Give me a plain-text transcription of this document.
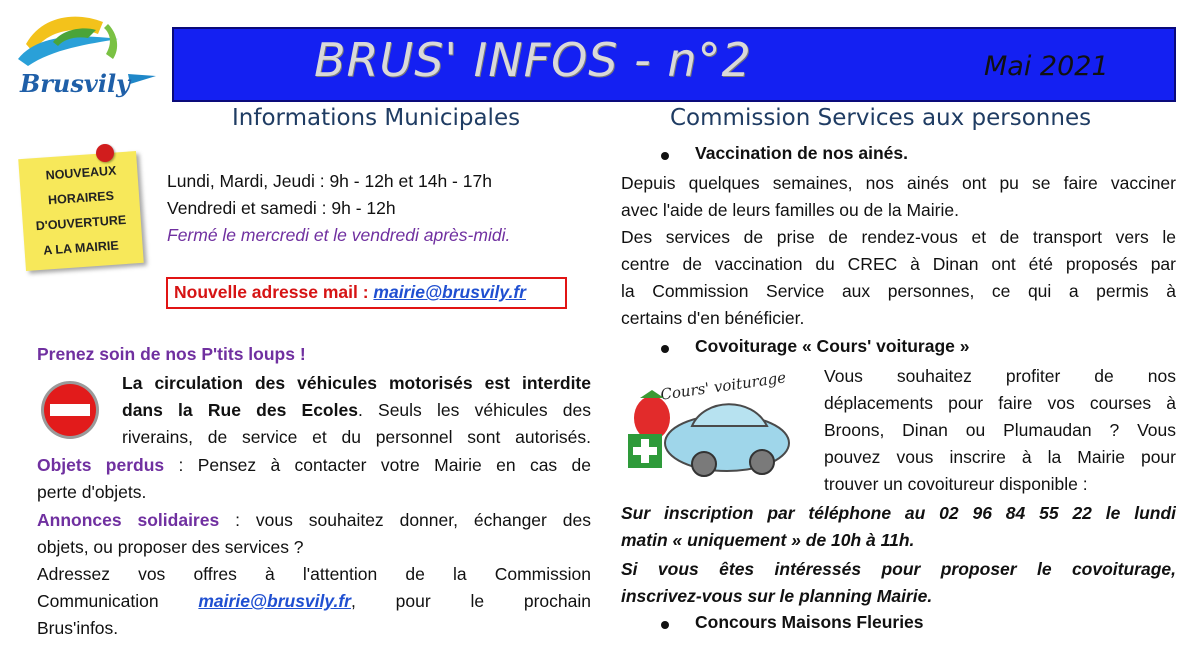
Brusvily	BRUS' INFOS - n°2	Mai 2021
Informations Municipales
NOUVEAUX
HORAIRES
D'OUVERTURE
A LA MAIRIE
Lundi, Mardi, Jeudi : 9h - 12h et 14h - 17h
Vendredi et samedi : 9h - 12h
Fermé le mercredi et le vendredi après-midi.
Nouvelle adresse mail : mairie@brusvily.fr
Prenez soin de nos P'tits loups !
La circulation des véhicules motorisés est interdite
dans la Rue des Ecoles. Seuls les véhicules des
riverains, de service et du personnel sont autorisés.
Objets perdus : Pensez à contacter votre Mairie en cas de
perte d'objets.
Annonces solidaires : vous souhaitez donner, échanger des
objets, ou proposer des services ?
Adressez vos offres à l'attention de la Commission
Communication mairie@brusvily.fr, pour le prochain
Brus'infos.
Commission Services aux personnes
Vaccination de nos ainés.
Depuis quelques semaines, nos ainés ont pu se faire vacciner
avec l'aide de leurs familles ou de la Mairie.
Des services de prise de rendez-vous et de transport vers le
centre de vaccination du CREC à Dinan ont été proposés par
la Commission Service aux personnes, ce qui a permis à
certains d'en bénéficier.
Covoiturage « Cours' voiturage »
Cours' voiturage Vous souhaitez profiter de nos
déplacements pour faire vos courses à
Broons, Dinan ou Plumaudan ? Vous
pouvez vous inscrire à la Mairie pour
trouver un covoitureur disponible :
Sur inscription par téléphone au 02 96 84 55 22 le lundi
matin « uniquement » de 10h à 11h.
Si vous êtes intéressés pour proposer le covoiturage,
inscrivez-vous sur le planning Mairie.
Concours Maisons Fleuries
